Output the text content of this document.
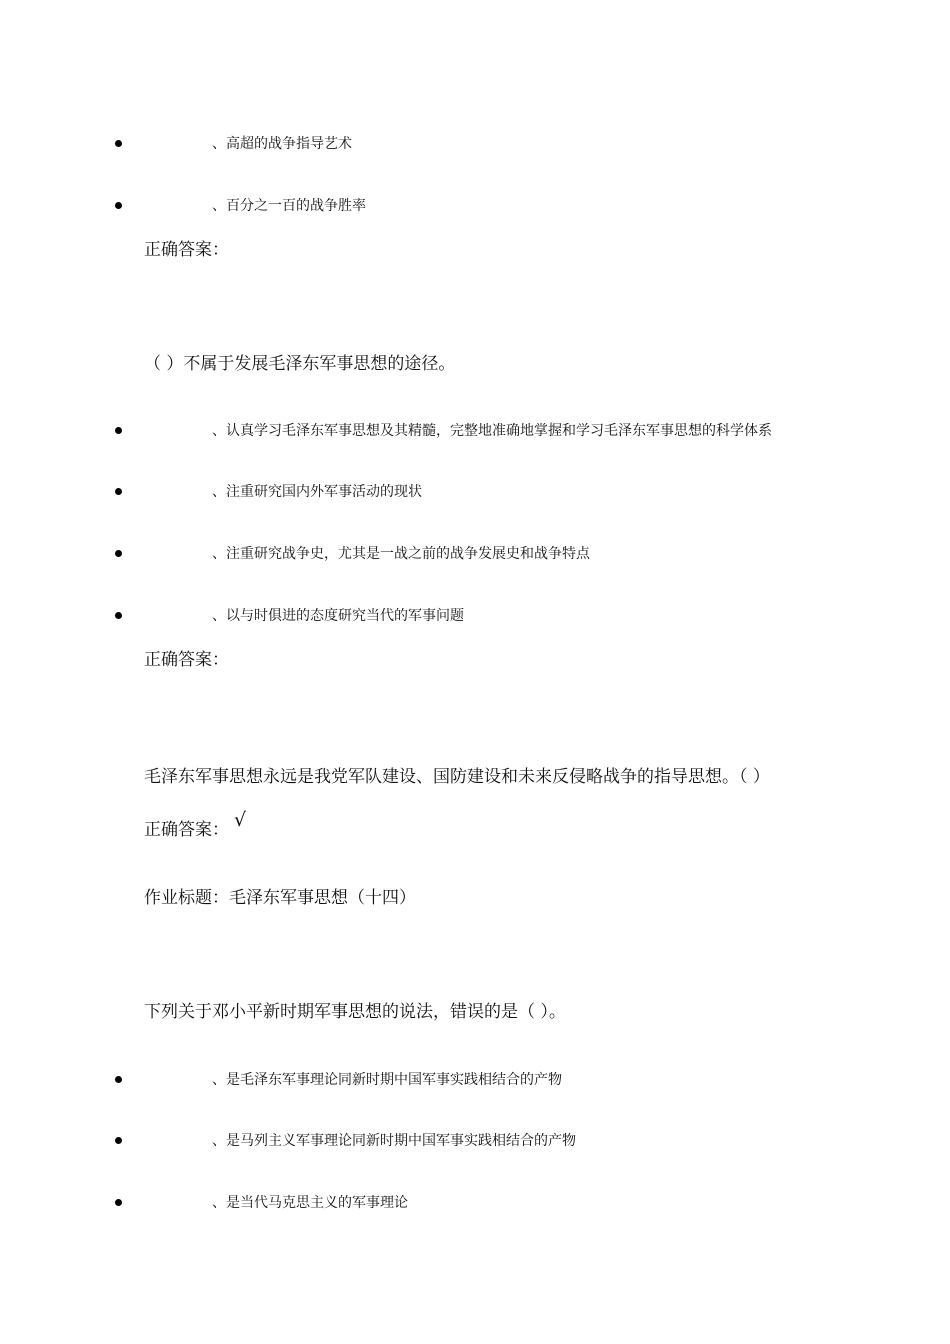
、高超的战争指导艺术
、百分之一百的战争胜率
正确答案：
（ ）不属于发展毛泽东军事思想的途径。
、认真学习毛泽东军事思想及其精髓，完整地准确地掌握和学习毛泽东军事思想的科学体系
、注重研究国内外军事活动的现状
、注重研究战争史，尤其是一战之前的战争发展史和战争特点
、以与时俱进的态度研究当代的军事问题
正确答案：
毛泽东军事思想永远是我党军队建设、国防建设和未来反侵略战争的指导思想。（ ）
正确答案： √
作业标题：毛泽东军事思想（十四）
下列关于邓小平新时期军事思想的说法，错误的是（ ）。
、是毛泽东军事理论同新时期中国军事实践相结合的产物
、是马列主义军事理论同新时期中国军事实践相结合的产物
、是当代马克思主义的军事理论
